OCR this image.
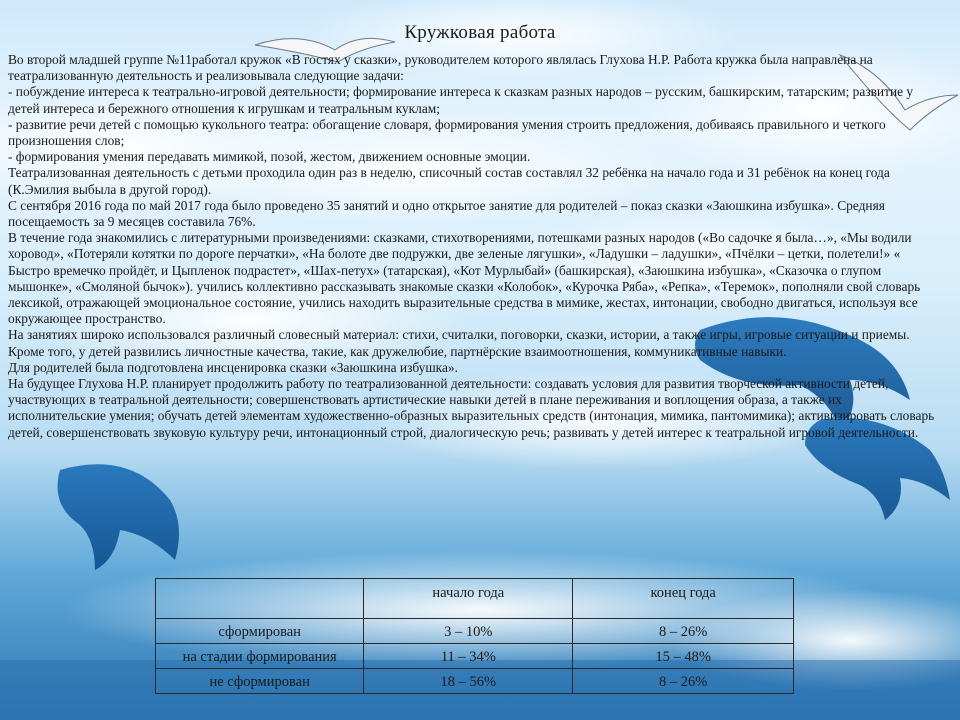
Кружковая работа

Во второй младшей группе №11работал кружок «В гостях у сказки», руководителем которого являлась Глухова Н.Р. Работа кружка была направлена на театрализованную деятельность и реализовывала следующие задачи:

- побуждение интереса к театрально-игровой деятельности; формирование интереса к сказкам разных народов – русским, башкирским, татарским; развитие у детей интереса и бережного отношения к игрушкам и театральным куклам;

- развитие речи детей с помощью кукольного театра: обогащение словаря, формирования умения строить предложения, добиваясь правильного и четкого произношения слов;

- формирования умения передавать мимикой, позой, жестом, движением основные эмоции.

Театрализованная деятельность с детьми проходила один раз в неделю, списочный состав составлял 32 ребёнка на начало года и 31 ребёнок на конец года (К.Эмилия выбыла в другой город).

С сентября 2016 года по май 2017 года было проведено 35 занятий и одно открытое занятие для родителей – показ сказки «Заюшкина избушка». Средняя посещаемость за 9 месяцев составила 76%.

В течение года знакомились с литературными произведениями: сказками, стихотворениями, потешками разных народов («Во садочке я была…», «Мы водили хоровод», «Потеряли котятки по дороге перчатки», «На болоте две подружки, две зеленые лягушки», «Ладушки – ладушки», «Пчёлки – цетки, полетели!» « Быстро времечко пройдёт, и Цыпленок подрастет», «Шах-петух» (татарская), «Кот Мурлыбай» (башкирская), «Заюшкина избушка», «Сказочка о глупом мышонке», «Смоляной бычок»). учились коллективно рассказывать знакомые сказки «Колобок», «Курочка Ряба», «Репка», «Теремок», пополняли свой словарь лексикой, отражающей эмоциональное состояние, учились находить выразительные средства в мимике, жестах, интонации, свободно двигаться, используя все окружающее пространство.

На занятиях широко использовался различный словесный материал: стихи, считалки, поговорки, сказки, истории, а также игры, игровые ситуации и приемы. Кроме того, у детей развились личностные качества, такие, как дружелюбие, партнёрские взаимоотношения, коммуникативные навыки.

Для родителей была подготовлена инсценировка сказки «Заюшкина избушка».

На будущее Глухова Н.Р. планирует продолжить работу по театрализованной деятельности: создавать условия для развития творческой активности детей, участвующих в театральной деятельности; совершенствовать артистические навыки детей в плане переживания и воплощения образа, а также их исполнительские умения; обучать детей элементам художественно-образных выразительных средств (интонация, мимика, пантомимика); активизировать словарь детей, совершенствовать звуковую культуру речи, интонационный строй, диалогическую речь; развивать у детей интерес к театральной игровой деятельности.

	начало года	конец года
сформирован	3 – 10%	8 – 26%
на стадии формирования	11 – 34%	15 – 48%
не сформирован	18 – 56%	8 – 26%
